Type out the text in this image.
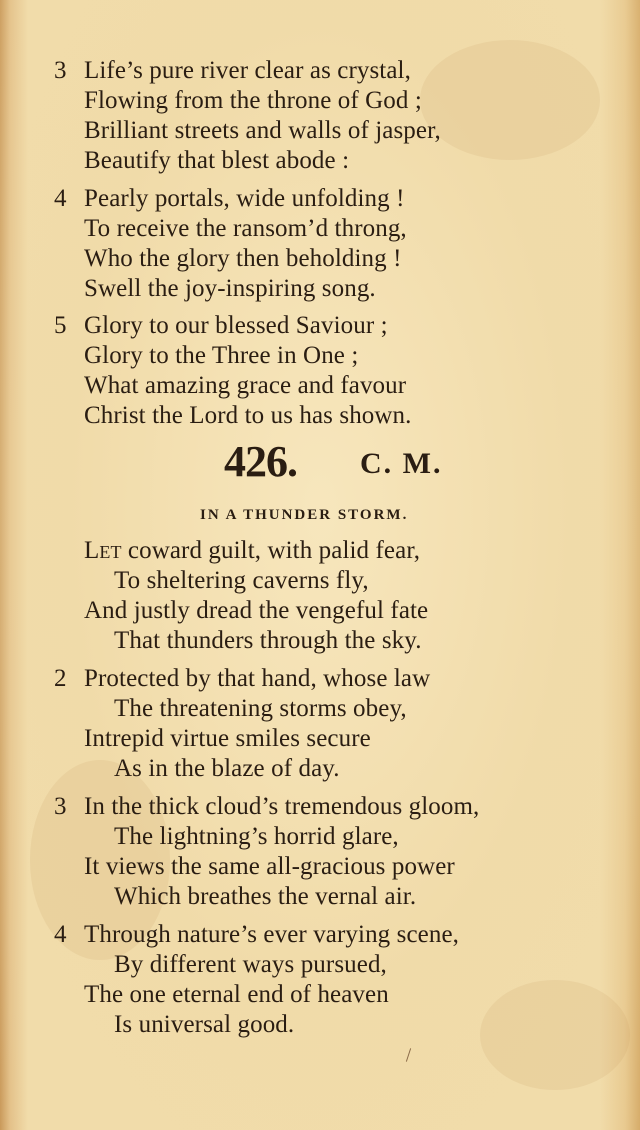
3 Life’s pure river clear as crystal,
Flowing from the throne of God ;
Brilliant streets and walls of jasper,
Beautify that blest abode :
4 Pearly portals, wide unfolding !
To receive the ransom’d throng,
Who the glory then beholding !
Swell the joy-inspiring song.
5 Glory to our blessed Saviour ;
Glory to the Three in One ;
What amazing grace and favour
Christ the Lord to us has shown.
426. C. M.
IN A THUNDER STORM.
Let coward guilt, with palid fear,
To sheltering caverns fly,
And justly dread the vengeful fate
That thunders through the sky.
2 Protected by that hand, whose law
The threatening storms obey,
Intrepid virtue smiles secure
As in the blaze of day.
3 In the thick cloud’s tremendous gloom,
The lightning’s horrid glare,
It views the same all-gracious power
Which breathes the vernal air.
4 Through nature’s ever varying scene,
By different ways pursued,
The one eternal end of heaven
Is universal good.
